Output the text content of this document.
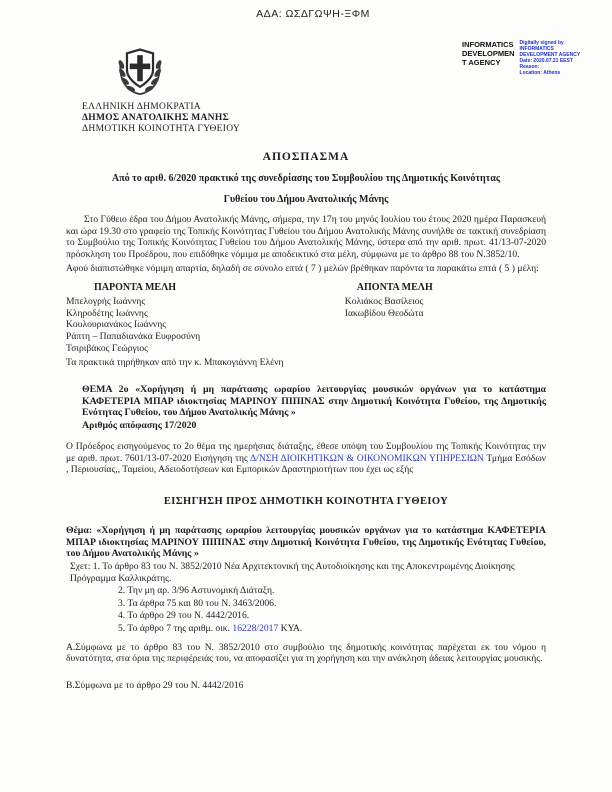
ΑΔΑ: ΩΣΔΓΩΨΗ-ΞΦΜ
INFORMATICS
DEVELOPMEN
T AGENCY
Digitally signed by
INFORMATICS
DEVELOPMENT AGENCY
Date: 2020.07.21 EEST
Reason:
Location: Athens
ΕΛΛΗΝΙΚΗ ΔΗΜΟΚΡΑΤΙΑ
ΔΗΜΟΣ ΑΝΑΤΟΛΙΚΗΣ ΜΑΝΗΣ
ΔΗΜΟΤΙΚΗ ΚΟΙΝΟΤΗΤΑ ΓΥΘΕΙΟΥ
ΑΠΟΣΠΑΣΜΑ
Από το αριθ. 6/2020 πρακτικό της συνεδρίασης του Συμβουλίου της Δημοτικής Κοινότητας
Γυθείου του Δήμου Ανατολικής Μάνης

Στο Γύθειο έδρα του Δήμου Ανατολικής Μάνης, σήμερα, την 17η του μηνός Ιουλίου του έτους 2020 ημέρα Παρασκευή και ώρα 19.30 στο γραφείο της Τοπικής Κοινότητας Γυθείου του Δήμου Ανατολικής Μάνης συνήλθε σε τακτική συνεδρίαση το Συμβούλιο της Τοπικής Κοινότητας Γυθείου του Δήμου Ανατολικής Μάνης, ύστερα από την αριθ. πρωτ. 41/13-07-2020 πρόσκληση του Προέδρου, που επιδόθηκε νόμιμα με αποδεικτικό στα μέλη, σύμφωνα με το άρθρο 88 του Ν.3852/10.

Αφού διαπιστώθηκε νόμιμη απαρτία, δηλαδή σε σύνολο επτά ( 7 ) μελών βρέθηκαν παρόντα τα παρακάτω επτά ( 5 ) μέλη:

ΠΑΡΟΝΤΑ ΜΕΛΗ
Μπελογρής Ιωάννης
Κληροδέτης Ιωάννης
Κουλουριανάκος Ιωάννης
Ράπτη – Παπαδιανάκα Ευφροσύνη
Τσιριβάκος Γεώργιος
ΑΠΟΝΤΑ ΜΕΛΗ
Κολιάκος Βασίλειος
Ιακωβίδου Θεοδώτα
Τα πρακτικά τηρήθηκαν από την κ. Μπακογιάννη Ελένη
ΘΕΜΑ 2ο «Χορήγηση ή μη παράτασης ωραρίου λειτουργίας μουσικών οργάνων για το κατάστημα ΚΑΦΕΤΕΡΙΑ ΜΠΑΡ ιδιοκτησίας ΜΑΡΙΝΟΥ ΠΙΠΙΝΑΣ στην Δημοτική Κοινότητα Γυθείου, της Δημοτικής Ενότητας Γυθείου, του Δήμου Ανατολικής Μάνης »
Αριθμός απόφασης 17/2020

Ο Πρόεδρος εισηγούμενος το 2ο θέμα της ημερήσιας διάταξης, έθεσε υπόψη του Συμβουλίου της Τοπικής Κοινότητας την με αριθ. πρωτ. 7601/13-07-2020 Εισήγηση της Δ/ΝΣΗ ΔΙΟΙΚΗΤΙΚΩΝ & ΟΙΚΟΝΟΜΙΚΩΝ ΥΠΗΡΕΣΙΩΝ Τμήμα Εσόδων , Περιουσίας,, Ταμείου, Αδειοδοτήσεων και Εμπορικών Δραστηριοτήτων που έχει ως εξής

ΕΙΣΗΓΗΣΗ ΠΡΟΣ ΔΗΜΟΤΙΚΗ ΚΟΙΝΟΤΗΤΑ ΓΥΘΕΙΟΥ

Θέμα: «Χορήγηση ή μη παράτασης ωραρίου λειτουργίας μουσικών οργάνων για το κατάστημα ΚΑΦΕΤΕΡΙΑ ΜΠΑΡ ιδιοκτησίας ΜΑΡΙΝΟΥ ΠΙΠΙΝΑΣ στην Δημοτική Κοινότητα Γυθείου, της Δημοτικής Ενότητας Γυθείου, του Δήμου Ανατολικής Μάνης »

Σχετ: 1. Το άρθρο 83 του Ν. 3852/2010 Νέα Αρχιτεκτονική της Αυτοδιοίκησης και της Αποκεντρωμένης Διοίκησης Πρόγραμμα Καλλικράτης.
2. Την μη αρ. 3/96 Αστυνομική Διάταξη.
3. Τα άρθρα 75 και 80 του Ν. 3463/2006.
4. Το άρθρο 29 του Ν. 4442/2016.
5. Το άρθρο 7 της αριθμ. οικ. 16228/2017 ΚΥΑ.

Α.Σύμφωνα με το άρθρο 83 του Ν. 3852/2010 στο συμβούλιο της δημοτικής κοινότητας παρέχεται εκ του νόμου η δυνατότητα, στα όρια της περιφέρειάς του, να αποφασίζει για τη χορήγηση και την ανάκληση άδειας λειτουργίας μουσικής.

Β.Σύμφωνα με το άρθρο 29 του Ν. 4442/2016
